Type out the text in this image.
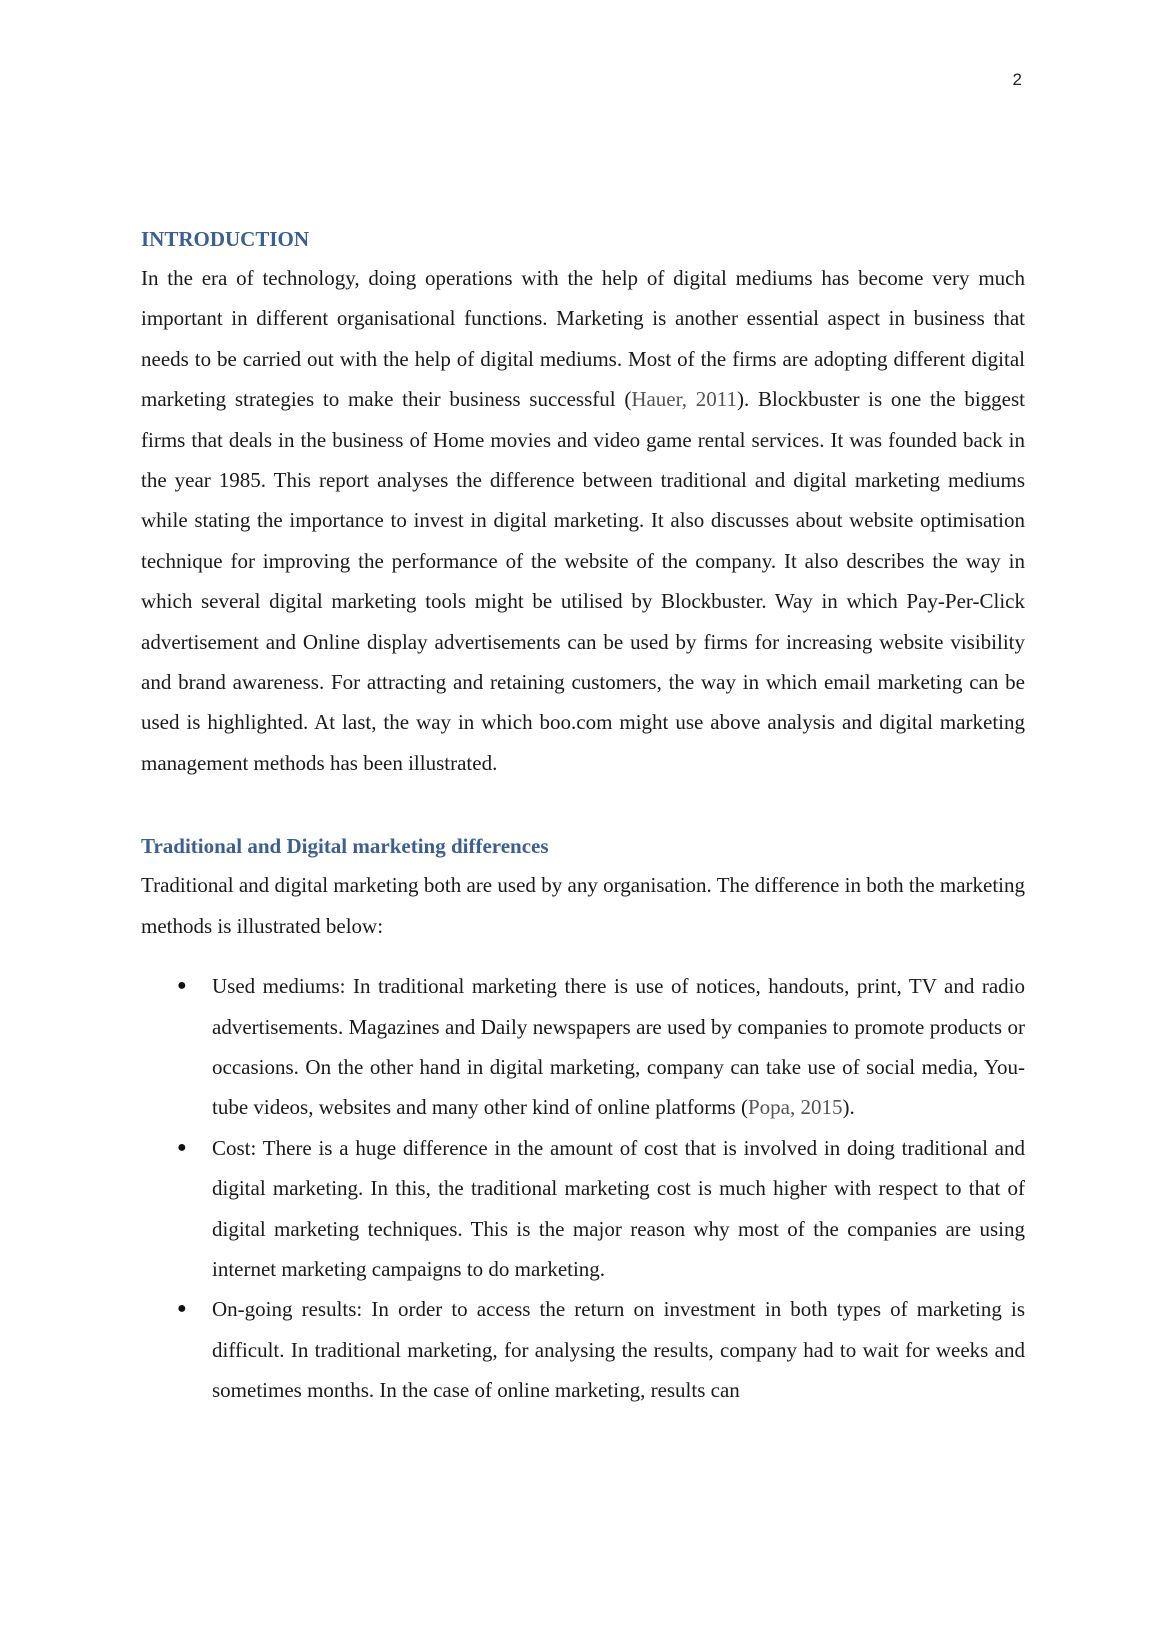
2
INTRODUCTION

In the era of technology, doing operations with the help of digital mediums has become very much important in different organisational functions. Marketing is another essential aspect in business that needs to be carried out with the help of digital mediums. Most of the firms are adopting different digital marketing strategies to make their business successful (Hauer, 2011). Blockbuster is one the biggest firms that deals in the business of Home movies and video game rental services. It was founded back in the year 1985. This report analyses the difference between traditional and digital marketing mediums while stating the importance to invest in digital marketing. It also discusses about website optimisation technique for improving the performance of the website of the company. It also describes the way in which several digital marketing tools might be utilised by Blockbuster. Way in which Pay-Per-Click advertisement and Online display advertisements can be used by firms for increasing website visibility and brand awareness. For attracting and retaining customers, the way in which email marketing can be used is highlighted. At last, the way in which boo.com might use above analysis and digital marketing management methods has been illustrated.

Traditional and Digital marketing differences

Traditional and digital marketing both are used by any organisation. The difference in both the marketing methods is illustrated below:

● Used mediums: In traditional marketing there is use of notices, handouts, print, TV and radio advertisements. Magazines and Daily newspapers are used by companies to promote products or occasions. On the other hand in digital marketing, company can take use of social media, You-tube videos, websites and many other kind of online platforms (Popa, 2015).
● Cost: There is a huge difference in the amount of cost that is involved in doing traditional and digital marketing. In this, the traditional marketing cost is much higher with respect to that of digital marketing techniques. This is the major reason why most of the companies are using internet marketing campaigns to do marketing.
● On-going results: In order to access the return on investment in both types of marketing is difficult. In traditional marketing, for analysing the results, company had to wait for weeks and sometimes months. In the case of online marketing, results can
